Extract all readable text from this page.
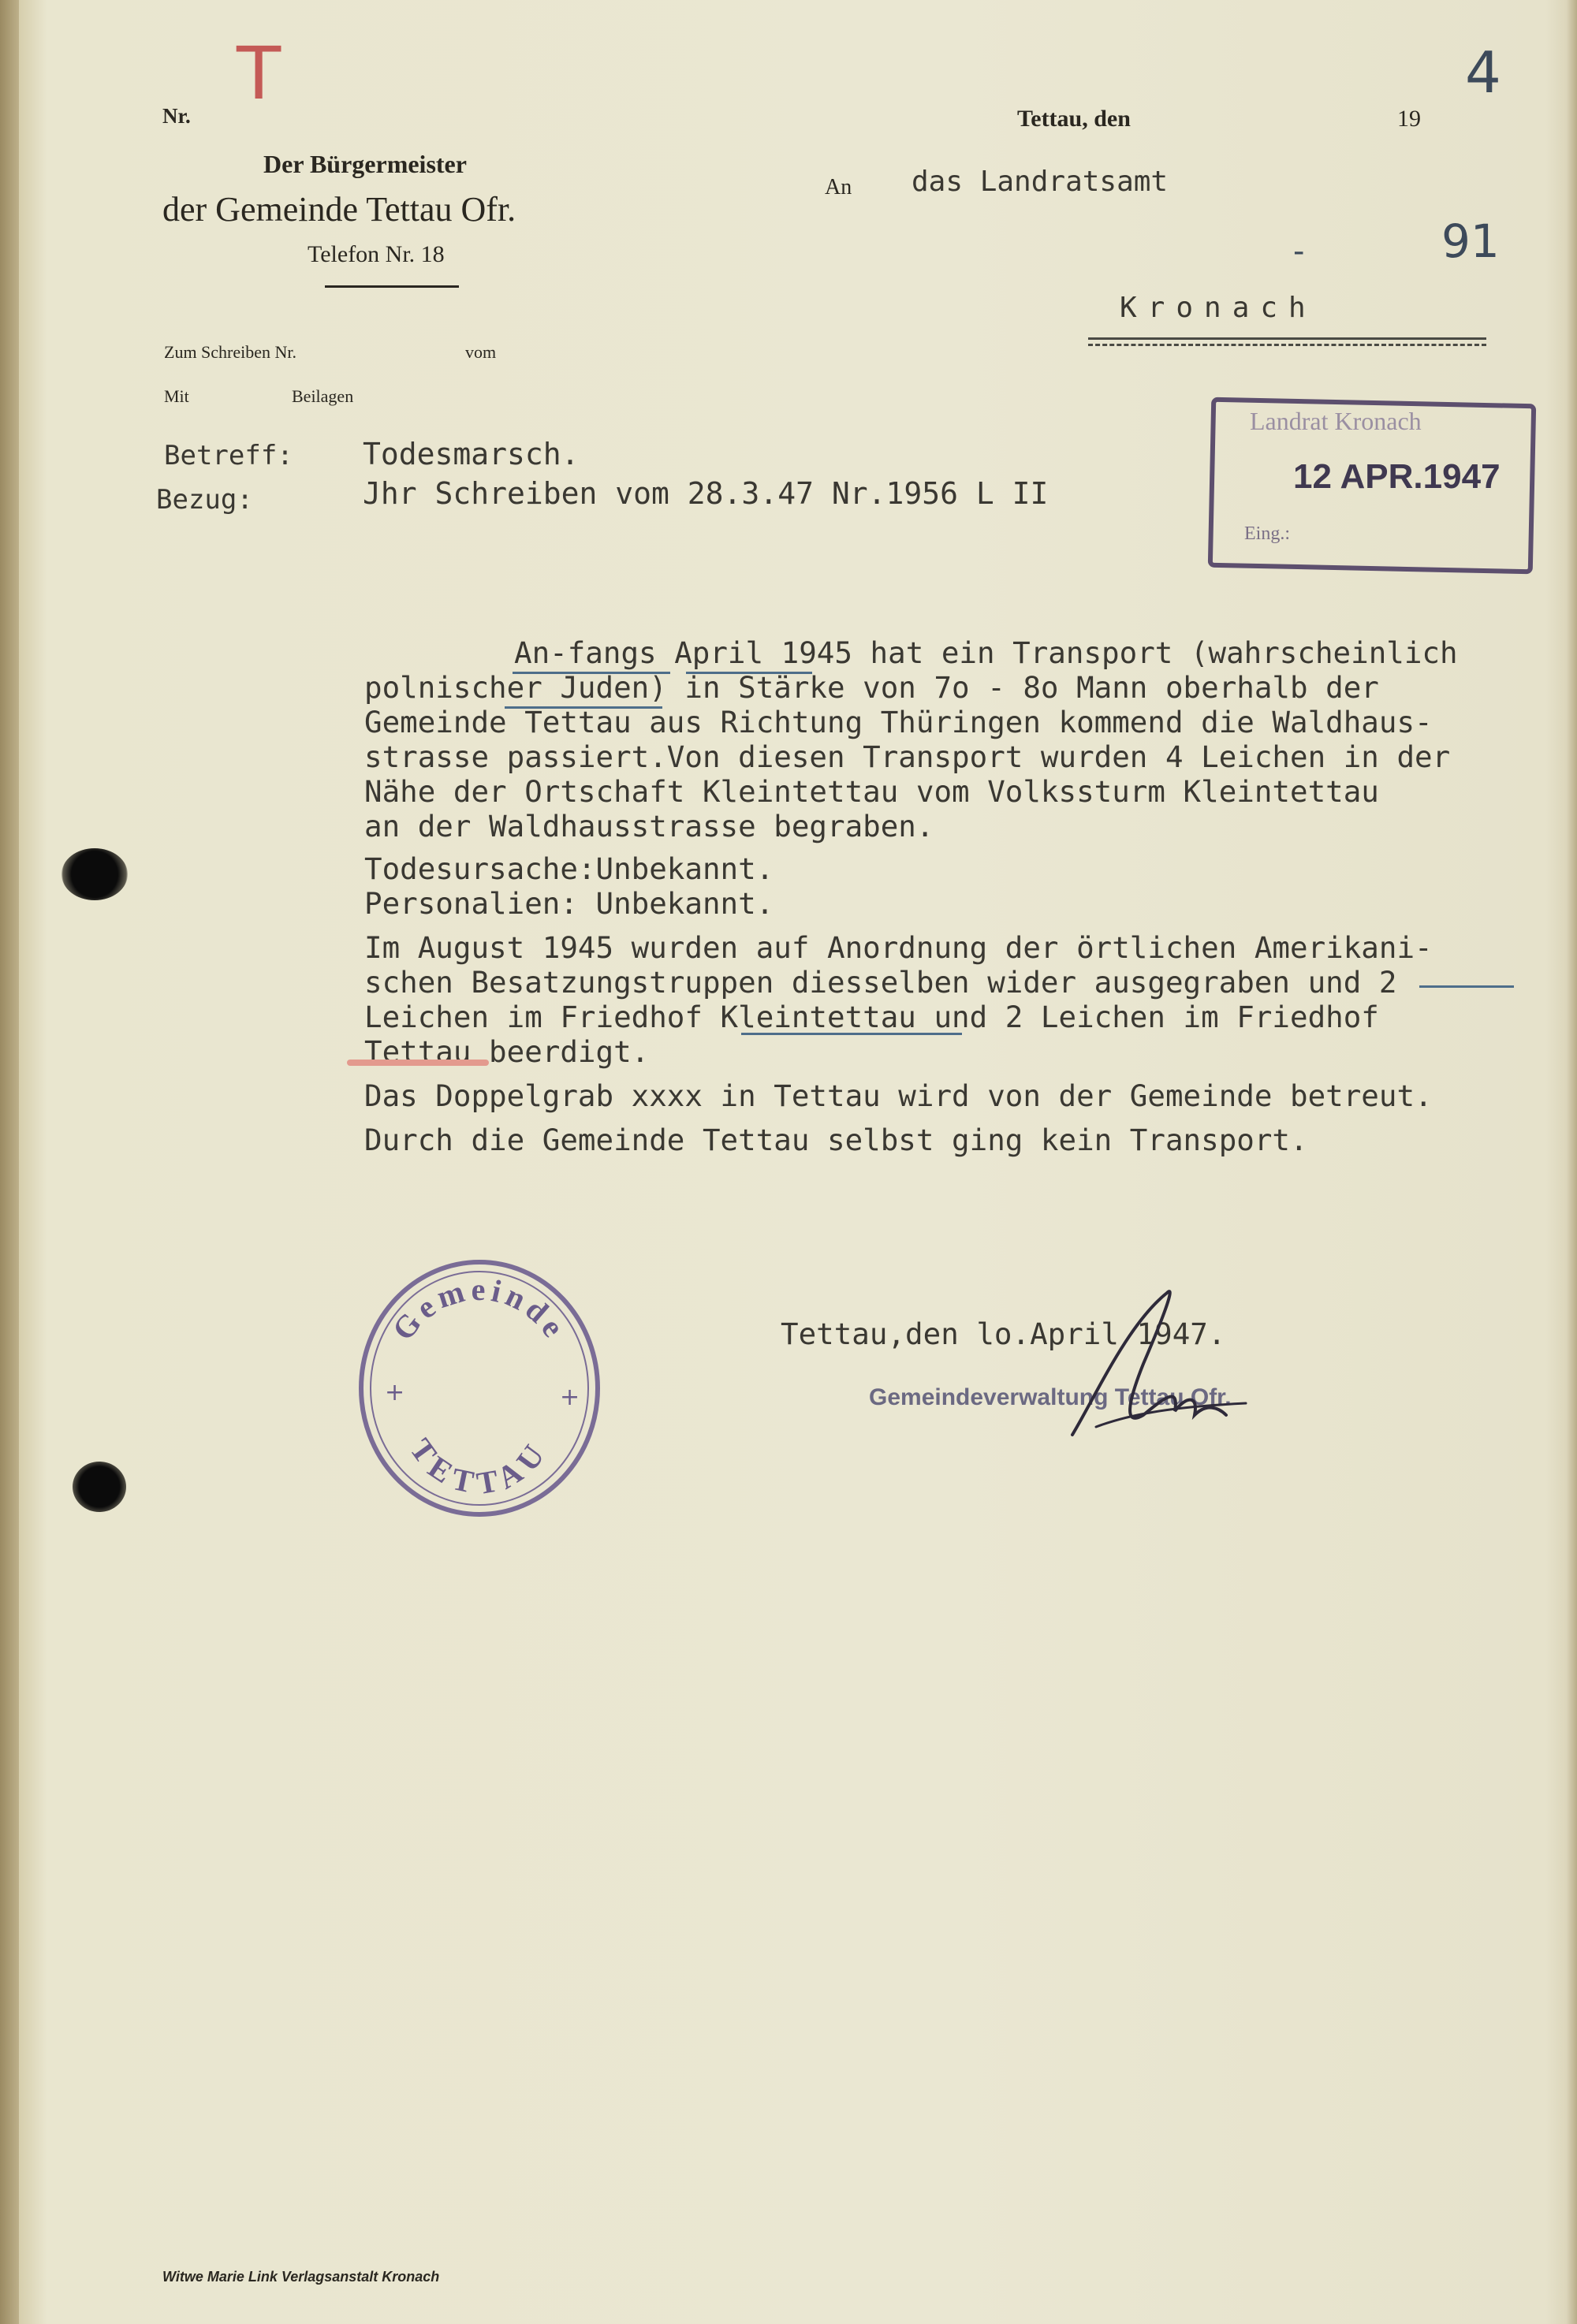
T	4
Nr.	Tettau, den	19
Der Bürgermeister
der Gemeinde Tettau Ofr.
Telefon Nr. 18
Zum Schreiben Nr.	vom
Mit	Beilagen
An das Landratsamt
-	91
Kronach
Landrat Kronach
12 APR.1947
Eing.:
Betreff: Todesmarsch.
Bezug:	Jhr Schreiben vom 28.3.47 Nr.1956 L II
An-fangs April 1945 hat ein Transport (wahrscheinlich
polnischer Juden) in Stärke von 7o - 8o Mann oberhalb der
Gemeinde Tettau aus Richtung Thüringen kommend die Waldhaus-
strasse passiert.Von diesen Transport wurden 4 Leichen in der
Nähe der Ortschaft Kleintettau vom Volkssturm Kleintettau
an der Waldhausstrasse begraben.
Todesursache:Unbekannt.
Personalien: Unbekannt.
Im August 1945 wurden auf Anordnung der örtlichen Amerikani-
schen Besatzungstruppen diesselben wider ausgegraben und 2
Leichen im Friedhof Kleintettau und 2 Leichen im Friedhof
Tettau beerdigt.
Das Doppelgrab xxxx in Tettau wird von der Gemeinde betreut.
Durch die Gemeinde Tettau selbst ging kein Transport.
Tettau,den lo.April 1947.
Gemeindeverwaltung Tettau Ofr.
Gemeinde
TETTAU
+	+
Witwe Marie Link Verlagsanstalt Kronach
